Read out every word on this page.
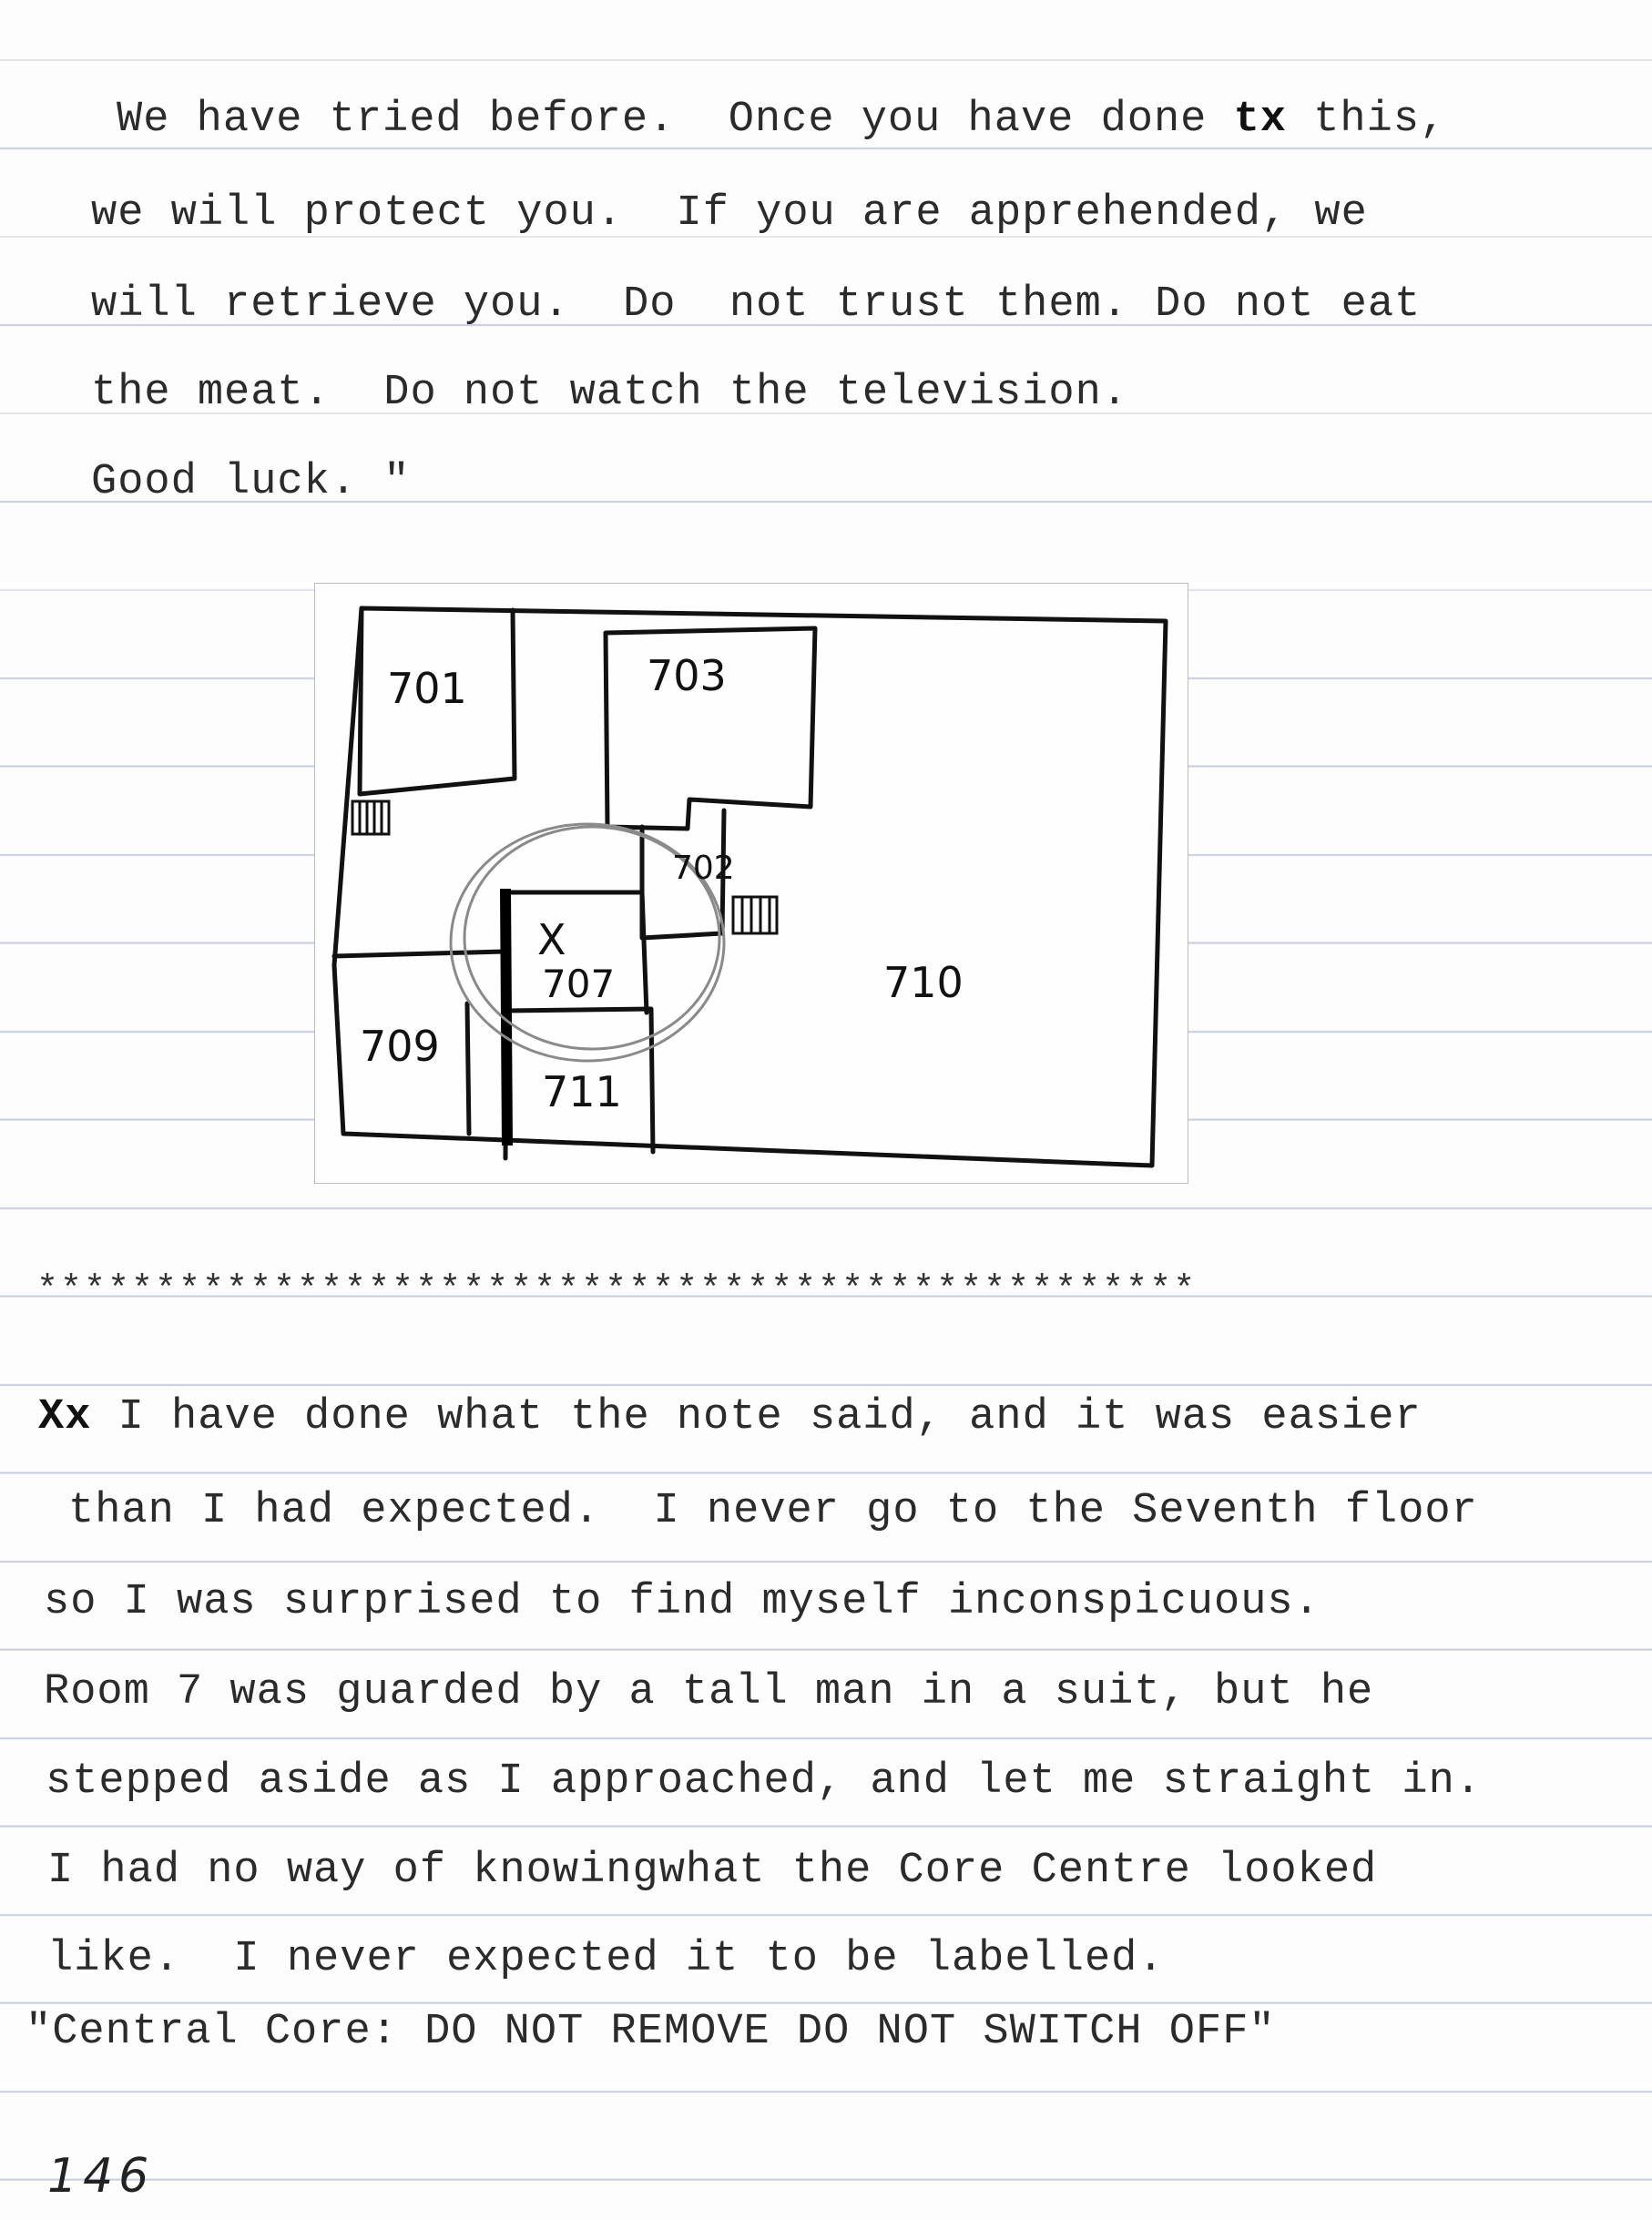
We have tried before.  Once you have done tx this,

we will protect you.  If you are apprehended, we

will retrieve you.  Do  not trust them. Do not eat

the meat.  Do not watch the television.

Good luck. "

701	703
702
X
707	710
709
711

*************************************************

Xx I have done what the note said, and it was easier

than I had expected.  I never go to the Seventh floor

so I was surprised to find myself inconspicuous.

Room 7 was guarded by a tall man in a suit, but he

stepped aside as I approached, and let me straight in.

I had no way of knowingwhat the Core Centre looked

like.  I never expected it to be labelled.

"Central Core: DO NOT REMOVE DO NOT SWITCH OFF"

146
